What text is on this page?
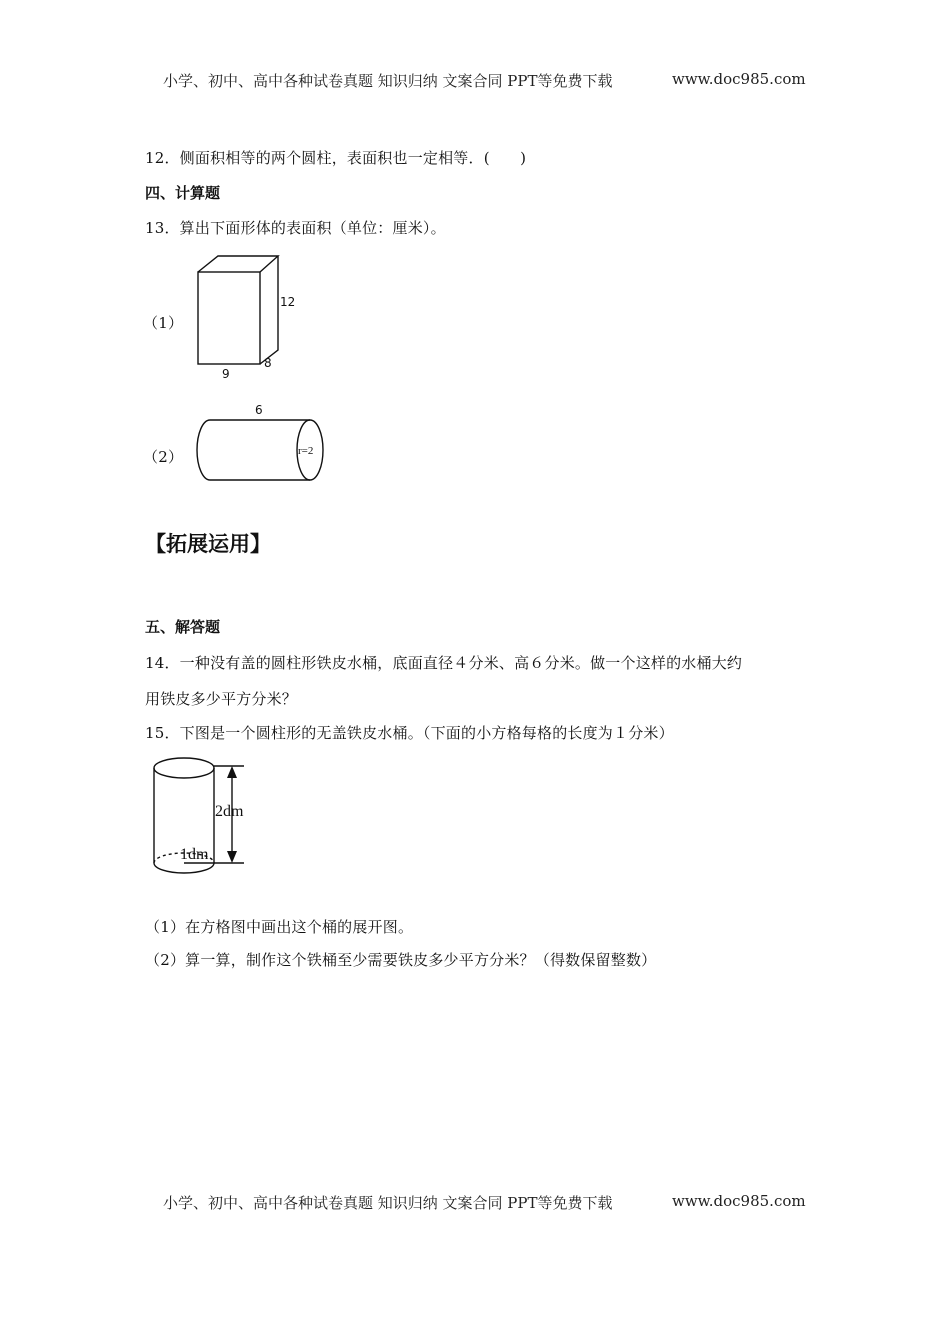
小学、初中、高中各种试卷真题 知识归纳 文案合同 PPT等免费下载	www.doc985.com
12．侧面积相等的两个圆柱，表面积也一定相等．(　　)
四、计算题
13．算出下面形体的表面积（单位：厘米）。
（1）
12
9
8
（2）
6
r=2
【拓展运用】
五、解答题
14．一种没有盖的圆柱形铁皮水桶，底面直径４分米、高６分米。做一个这样的水桶大约
用铁皮多少平方分米？
15．下图是一个圆柱形的无盖铁皮水桶。（下面的小方格每格的长度为１分米）
2dm
1dm
（1）在方格图中画出这个桶的展开图。
（2）算一算，制作这个铁桶至少需要铁皮多少平方分米？（得数保留整数）
小学、初中、高中各种试卷真题 知识归纳 文案合同 PPT等免费下载	www.doc985.com
